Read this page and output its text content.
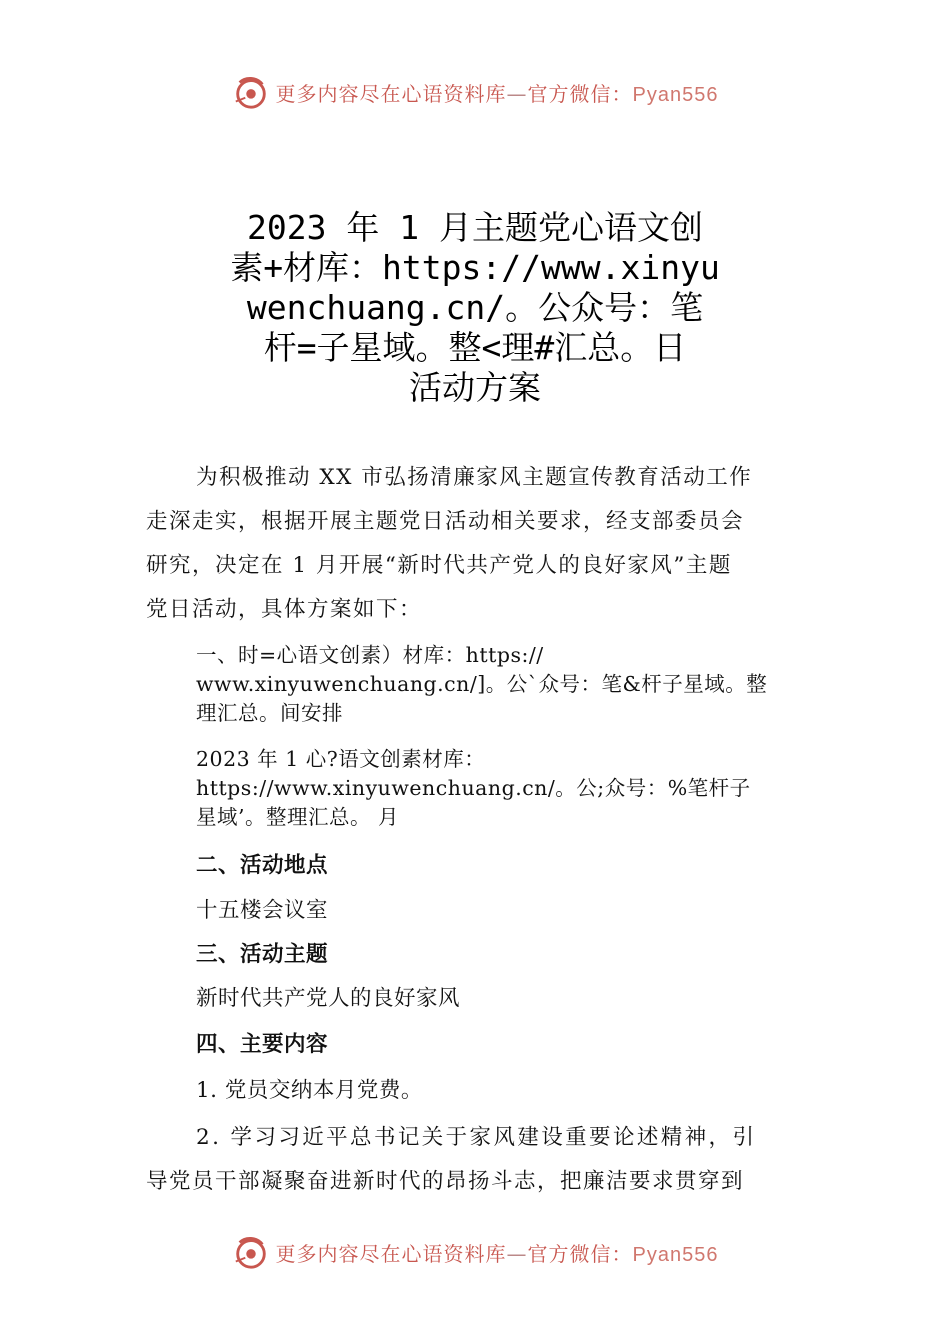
更多内容尽在心语资料库—官方微信：Pyan556
2023 年 1 月主题党心语文创
素+材库：https://www.xinyu
wenchuang.cn/。公众号：笔
杆=子星域。整<理#汇总。日
活动方案
为积极推动 XX 市弘扬清廉家风主题宣传教育活动工作
走深走实，根据开展主题党日活动相关要求，经支部委员会
研究，决定在 1 月开展“新时代共产党人的良好家风”主题
党日活动，具体方案如下：
一、时=心语文创素）材库：https://
www.xinyuwenchuang.cn/]。公`众号：笔&杆子星域。整
理汇总。间安排
2023 年 1 心?语文创素材库：
https://www.xinyuwenchuang.cn/。公;众号：%笔杆子
星域’。整理汇总。 月
二、活动地点
十五楼会议室
三、活动主题
新时代共产党人的良好家风
四、主要内容
1. 党员交纳本月党费。
2. 学习习近平总书记关于家风建设重要论述精神，引
导党员干部凝聚奋进新时代的昂扬斗志，把廉洁要求贯穿到
更多内容尽在心语资料库—官方微信：Pyan556
